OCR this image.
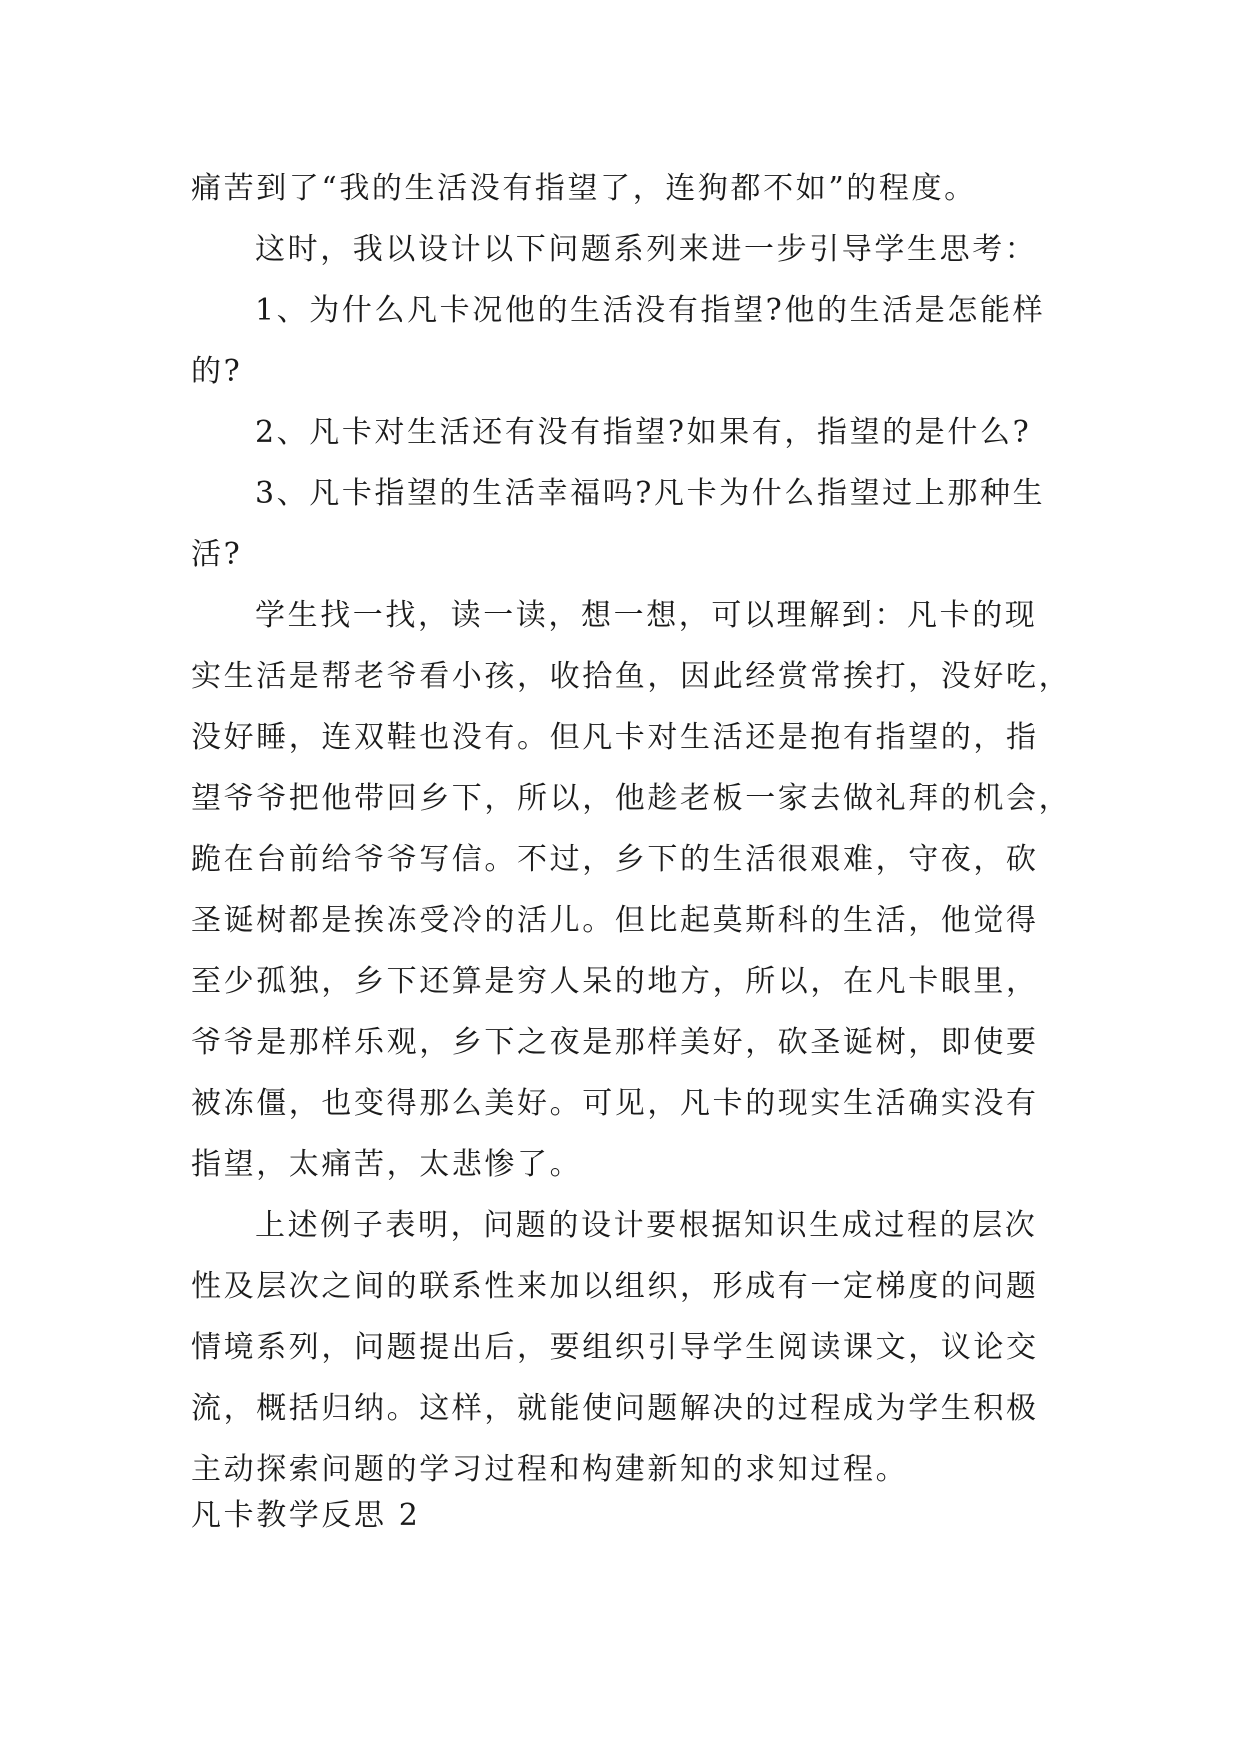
痛苦到了“我的生活没有指望了，连狗都不如”的程度。
这时，我以设计以下问题系列来进一步引导学生思考：
1、为什么凡卡况他的生活没有指望?他的生活是怎能样
的?
2、凡卡对生活还有没有指望?如果有，指望的是什么?
3、凡卡指望的生活幸福吗?凡卡为什么指望过上那种生
活?
学生找一找，读一读，想一想，可以理解到：凡卡的现
实生活是帮老爷看小孩，收拾鱼，因此经赏常挨打，没好吃，
没好睡，连双鞋也没有。但凡卡对生活还是抱有指望的，指
望爷爷把他带回乡下，所以，他趁老板一家去做礼拜的机会，
跪在台前给爷爷写信。不过，乡下的生活很艰难，守夜，砍
圣诞树都是挨冻受冷的活儿。但比起莫斯科的生活，他觉得
至少孤独，乡下还算是穷人呆的地方，所以，在凡卡眼里，
爷爷是那样乐观，乡下之夜是那样美好，砍圣诞树，即使要
被冻僵，也变得那么美好。可见，凡卡的现实生活确实没有
指望，太痛苦，太悲惨了。
上述例子表明，问题的设计要根据知识生成过程的层次
性及层次之间的联系性来加以组织，形成有一定梯度的问题
情境系列，问题提出后，要组织引导学生阅读课文，议论交
流，概括归纳。这样，就能使问题解决的过程成为学生积极
主动探索问题的学习过程和构建新知的求知过程。
凡卡教学反思 2
